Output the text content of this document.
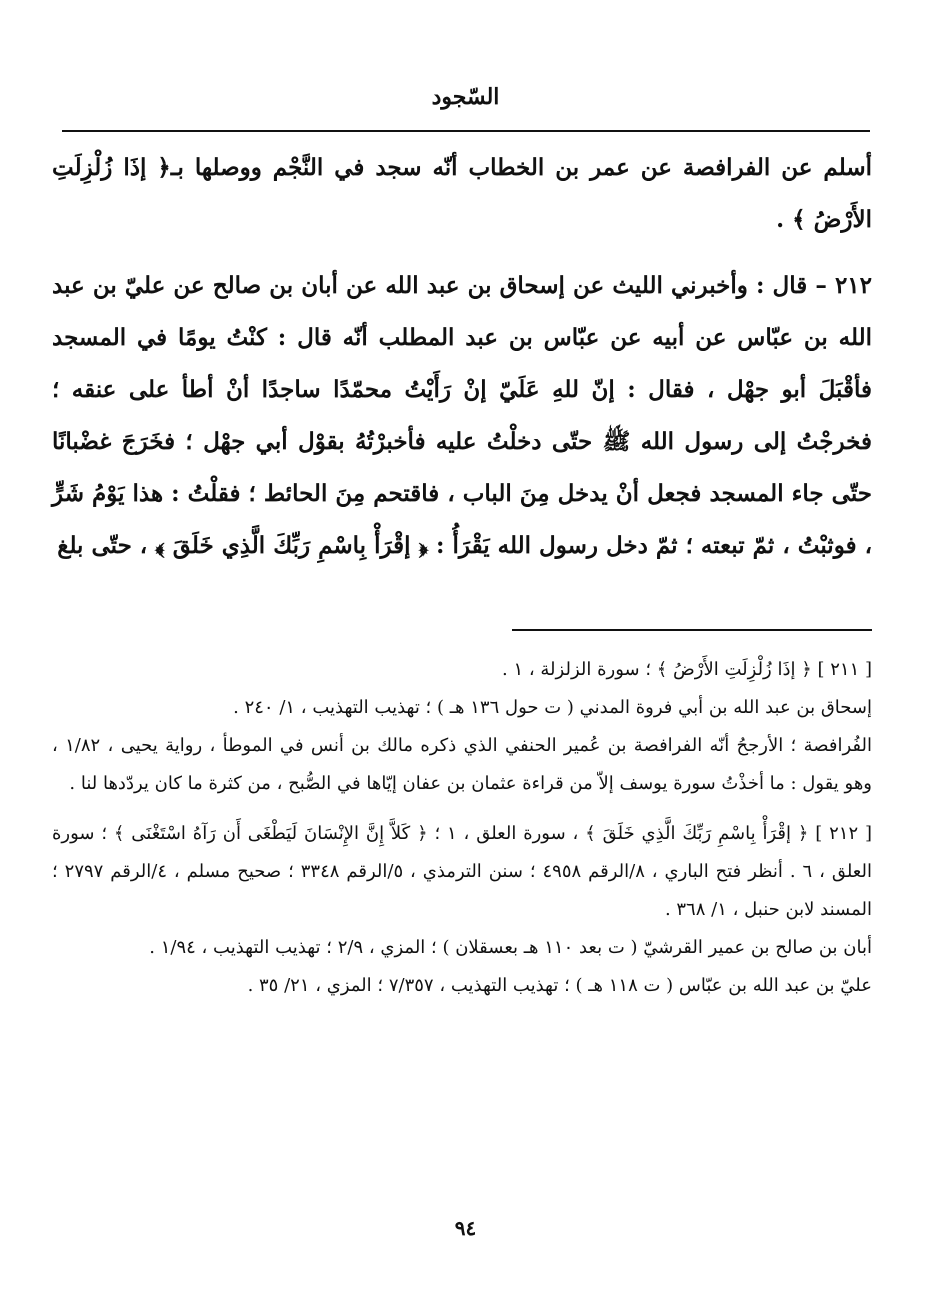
السّجود

أسلم عن الفرافصة عن عمر بن الخطاب أنّه سجد في النَّجْم ووصلها بـ﴿ إذَا زُلْزِلَتِ الأَرْضُ ﴾ .

٢١٢ – قال : وأخبرني الليث عن إسحاق بن عبد الله عن أبان بن صالح عن عليّ بن عبد الله بن عبّاس عن أبيه عن عبّاس بن عبد المطلب أنّه قال : كنْتُ يومًا في المسجد فأقْبَلَ أبو جهْل ، فقال : إنّ للهِ عَلَيّ إنْ رَأَيْتُ محمّدًا ساجدًا أنْ أطأ على عنقه ؛ فخرجْتُ إلى رسول الله ﷺ حتّى دخلْتُ عليه فأخبرْتُهُ بقوْل أبي جهْل ؛ فخَرَجَ غضْبانًا حتّى جاء المسجد فجعل أنْ يدخل مِنَ الباب ، فاقتحم مِنَ الحائط ؛ فقلْتُ : هذا يَوْمُ شَرٍّ ، فوثبْتُ ، ثمّ تبعته ؛ ثمّ دخل رسول الله يَقْرَأُ : ﴿ إقْرَأْ بِاسْمِ رَبِّكَ الَّذِي خَلَقَ ﴾ ، حتّى بلغ

[ ٢١١ ] ﴿ إذَا زُلْزِلَتِ الأَرْضُ ﴾ ؛ سورة الزلزلة ، ١ .

إسحاق بن عبد الله بن أبي فروة المدني ( ت حول ١٣٦ هـ ) ؛ تهذيب التهذيب ، ١/ ٢٤٠ .

الفُرافصة ؛ الأرجحُ أنّه الفرافصة بن عُمير الحنفي الذي ذكره مالك بن أنس في الموطأ ، رواية يحيى ، ١/٨٢ ، وهو يقول : ما أخذْتُ سورة يوسف إلاّ من قراءة عثمان بن عفان إيّاها في الصُّبح ، من كثرة ما كان يردّدها لنا .

[ ٢١٢ ] ﴿ إقْرَأْ بِاسْمِ رَبِّكَ الَّذِي خَلَقَ ﴾ ، سورة العلق ، ١ ؛ ﴿ كَلاَّ إِنَّ الإِنْسَانَ لَيَطْغَى أَن رَآهُ اسْتَغْنَى ﴾ ؛ سورة العلق ، ٦ . أنظر فتح الباري ، ٨/الرقم ٤٩٥٨ ؛ سنن الترمذي ، ٥/الرقم ٣٣٤٨ ؛ صحيح مسلم ، ٤/الرقم ٢٧٩٧ ؛ المسند لابن حنبل ، ١/ ٣٦٨ .

أبان بن صالح بن عمير القرشيّ ( ت بعد ١١٠ هـ بعسقلان ) ؛ المزي ، ٢/٩ ؛ تهذيب التهذيب ، ١/٩٤ .

عليّ بن عبد الله بن عبّاس ( ت ١١٨ هـ ) ؛ تهذيب التهذيب ، ٧/٣٥٧ ؛ المزي ، ٢١/ ٣٥ .

٩٤
